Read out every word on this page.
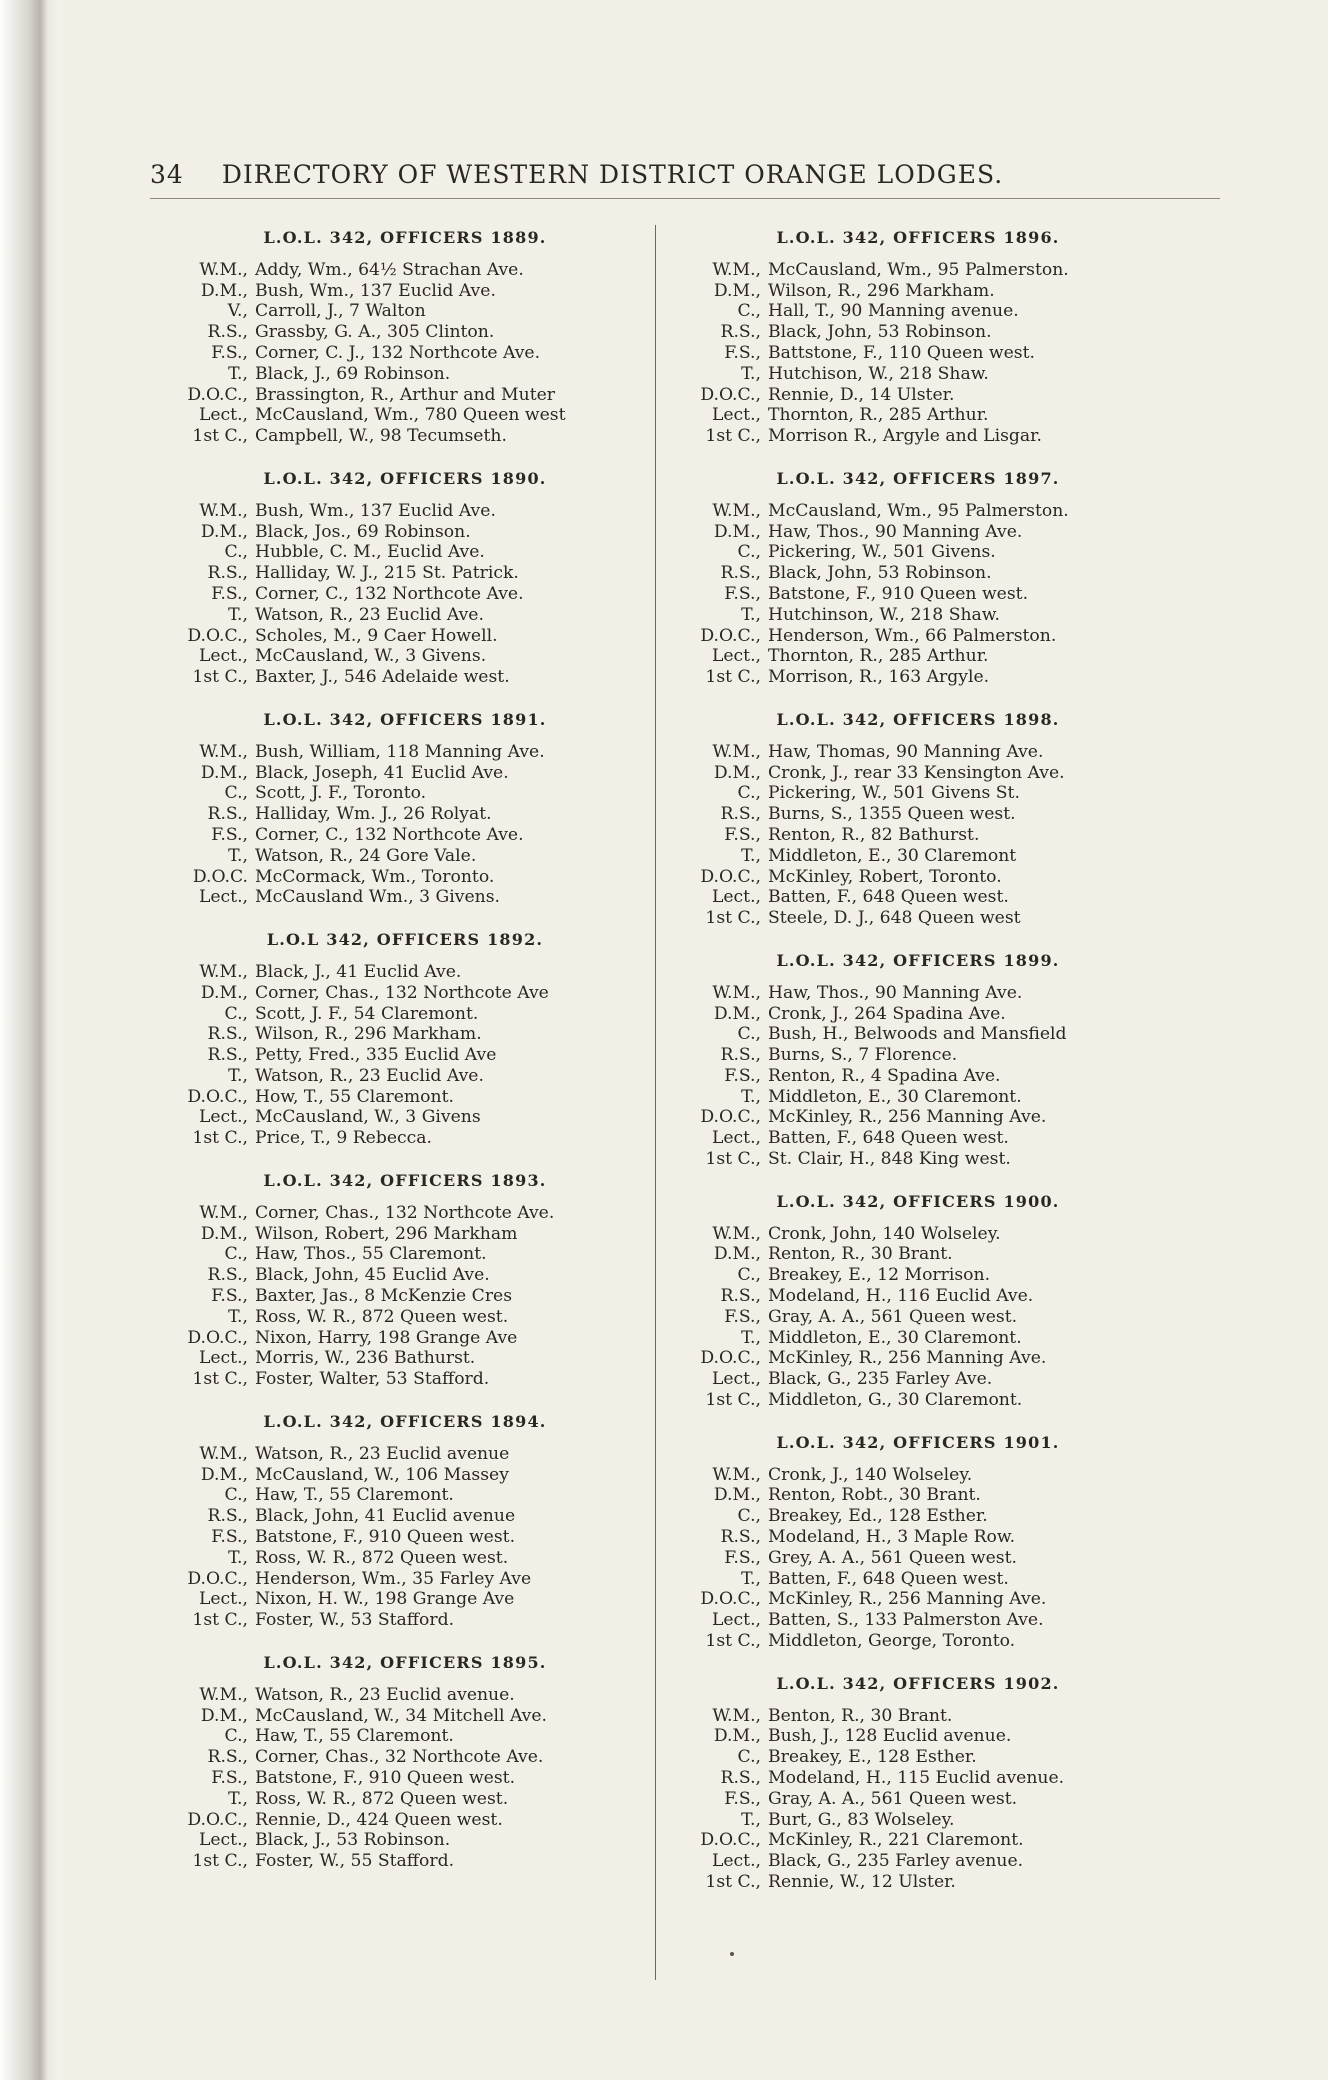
34 DIRECTORY OF WESTERN DISTRICT ORANGE LODGES.
L.O.L. 342, OFFICERS 1889.
W.M., Addy, Wm., 64½ Strachan Ave.
D.M., Bush, Wm., 137 Euclid Ave.
V., Carroll, J., 7 Walton
R.S., Grassby, G. A., 305 Clinton.
F.S., Corner, C. J., 132 Northcote Ave.
T., Black, J., 69 Robinson.
D.O.C., Brassington, R., Arthur and Muter
Lect., McCausland, Wm., 780 Queen west
1st C., Campbell, W., 98 Tecumseth.
L.O.L. 342, OFFICERS 1890.
W.M., Bush, Wm., 137 Euclid Ave.
D.M., Black, Jos., 69 Robinson.
C., Hubble, C. M., Euclid Ave.
R.S., Halliday, W. J., 215 St. Patrick.
F.S., Corner, C., 132 Northcote Ave.
T., Watson, R., 23 Euclid Ave.
D.O.C., Scholes, M., 9 Caer Howell.
Lect., McCausland, W., 3 Givens.
1st C., Baxter, J., 546 Adelaide west.
L.O.L. 342, OFFICERS 1891.
W.M., Bush, William, 118 Manning Ave.
D.M., Black, Joseph, 41 Euclid Ave.
C., Scott, J. F., Toronto.
R.S., Halliday, Wm. J., 26 Rolyat.
F.S., Corner, C., 132 Northcote Ave.
T., Watson, R., 24 Gore Vale.
D.O.C. McCormack, Wm., Toronto.
Lect., McCausland Wm., 3 Givens.
L.O.L 342, OFFICERS 1892.
W.M., Black, J., 41 Euclid Ave.
D.M., Corner, Chas., 132 Northcote Ave
C., Scott, J. F., 54 Claremont.
R.S., Wilson, R., 296 Markham.
R.S., Petty, Fred., 335 Euclid Ave
T., Watson, R., 23 Euclid Ave.
D.O.C., How, T., 55 Claremont.
Lect., McCausland, W., 3 Givens
1st C., Price, T., 9 Rebecca.
L.O.L. 342, OFFICERS 1893.
W.M., Corner, Chas., 132 Northcote Ave.
D.M., Wilson, Robert, 296 Markham
C., Haw, Thos., 55 Claremont.
R.S., Black, John, 45 Euclid Ave.
F.S., Baxter, Jas., 8 McKenzie Cres
T., Ross, W. R., 872 Queen west.
D.O.C., Nixon, Harry, 198 Grange Ave
Lect., Morris, W., 236 Bathurst.
1st C., Foster, Walter, 53 Stafford.
L.O.L. 342, OFFICERS 1894.
W.M., Watson, R., 23 Euclid avenue
D.M., McCausland, W., 106 Massey
C., Haw, T., 55 Claremont.
R.S., Black, John, 41 Euclid avenue
F.S., Batstone, F., 910 Queen west.
T., Ross, W. R., 872 Queen west.
D.O.C., Henderson, Wm., 35 Farley Ave
Lect., Nixon, H. W., 198 Grange Ave
1st C., Foster, W., 53 Stafford.
L.O.L. 342, OFFICERS 1895.
W.M., Watson, R., 23 Euclid avenue.
D.M., McCausland, W., 34 Mitchell Ave.
C., Haw, T., 55 Claremont.
R.S., Corner, Chas., 32 Northcote Ave.
F.S., Batstone, F., 910 Queen west.
T., Ross, W. R., 872 Queen west.
D.O.C., Rennie, D., 424 Queen west.
Lect., Black, J., 53 Robinson.
1st C., Foster, W., 55 Stafford.
L.O.L. 342, OFFICERS 1896.
W.M., McCausland, Wm., 95 Palmerston.
D.M., Wilson, R., 296 Markham.
C., Hall, T., 90 Manning avenue.
R.S., Black, John, 53 Robinson.
F.S., Battstone, F., 110 Queen west.
T., Hutchison, W., 218 Shaw.
D.O.C., Rennie, D., 14 Ulster.
Lect., Thornton, R., 285 Arthur.
1st C., Morrison R., Argyle and Lisgar.
L.O.L. 342, OFFICERS 1897.
W.M., McCausland, Wm., 95 Palmerston.
D.M., Haw, Thos., 90 Manning Ave.
C., Pickering, W., 501 Givens.
R.S., Black, John, 53 Robinson.
F.S., Batstone, F., 910 Queen west.
T., Hutchinson, W., 218 Shaw.
D.O.C., Henderson, Wm., 66 Palmerston.
Lect., Thornton, R., 285 Arthur.
1st C., Morrison, R., 163 Argyle.
L.O.L. 342, OFFICERS 1898.
W.M., Haw, Thomas, 90 Manning Ave.
D.M., Cronk, J., rear 33 Kensington Ave.
C., Pickering, W., 501 Givens St.
R.S., Burns, S., 1355 Queen west.
F.S., Renton, R., 82 Bathurst.
T., Middleton, E., 30 Claremont
D.O.C., McKinley, Robert, Toronto.
Lect., Batten, F., 648 Queen west.
1st C., Steele, D. J., 648 Queen west
L.O.L. 342, OFFICERS 1899.
W.M., Haw, Thos., 90 Manning Ave.
D.M., Cronk, J., 264 Spadina Ave.
C., Bush, H., Belwoods and Mansfield
R.S., Burns, S., 7 Florence.
F.S., Renton, R., 4 Spadina Ave.
T., Middleton, E., 30 Claremont.
D.O.C., McKinley, R., 256 Manning Ave.
Lect., Batten, F., 648 Queen west.
1st C., St. Clair, H., 848 King west.
L.O.L. 342, OFFICERS 1900.
W.M., Cronk, John, 140 Wolseley.
D.M., Renton, R., 30 Brant.
C., Breakey, E., 12 Morrison.
R.S., Modeland, H., 116 Euclid Ave.
F.S., Gray, A. A., 561 Queen west.
T., Middleton, E., 30 Claremont.
D.O.C., McKinley, R., 256 Manning Ave.
Lect., Black, G., 235 Farley Ave.
1st C., Middleton, G., 30 Claremont.
L.O.L. 342, OFFICERS 1901.
W.M., Cronk, J., 140 Wolseley.
D.M., Renton, Robt., 30 Brant.
C., Breakey, Ed., 128 Esther.
R.S., Modeland, H., 3 Maple Row.
F.S., Grey, A. A., 561 Queen west.
T., Batten, F., 648 Queen west.
D.O.C., McKinley, R., 256 Manning Ave.
Lect., Batten, S., 133 Palmerston Ave.
1st C., Middleton, George, Toronto.
L.O.L. 342, OFFICERS 1902.
W.M., Benton, R., 30 Brant.
D.M., Bush, J., 128 Euclid avenue.
C., Breakey, E., 128 Esther.
R.S., Modeland, H., 115 Euclid avenue.
F.S., Gray, A. A., 561 Queen west.
T., Burt, G., 83 Wolseley.
D.O.C., McKinley, R., 221 Claremont.
Lect., Black, G., 235 Farley avenue.
1st C., Rennie, W., 12 Ulster.
